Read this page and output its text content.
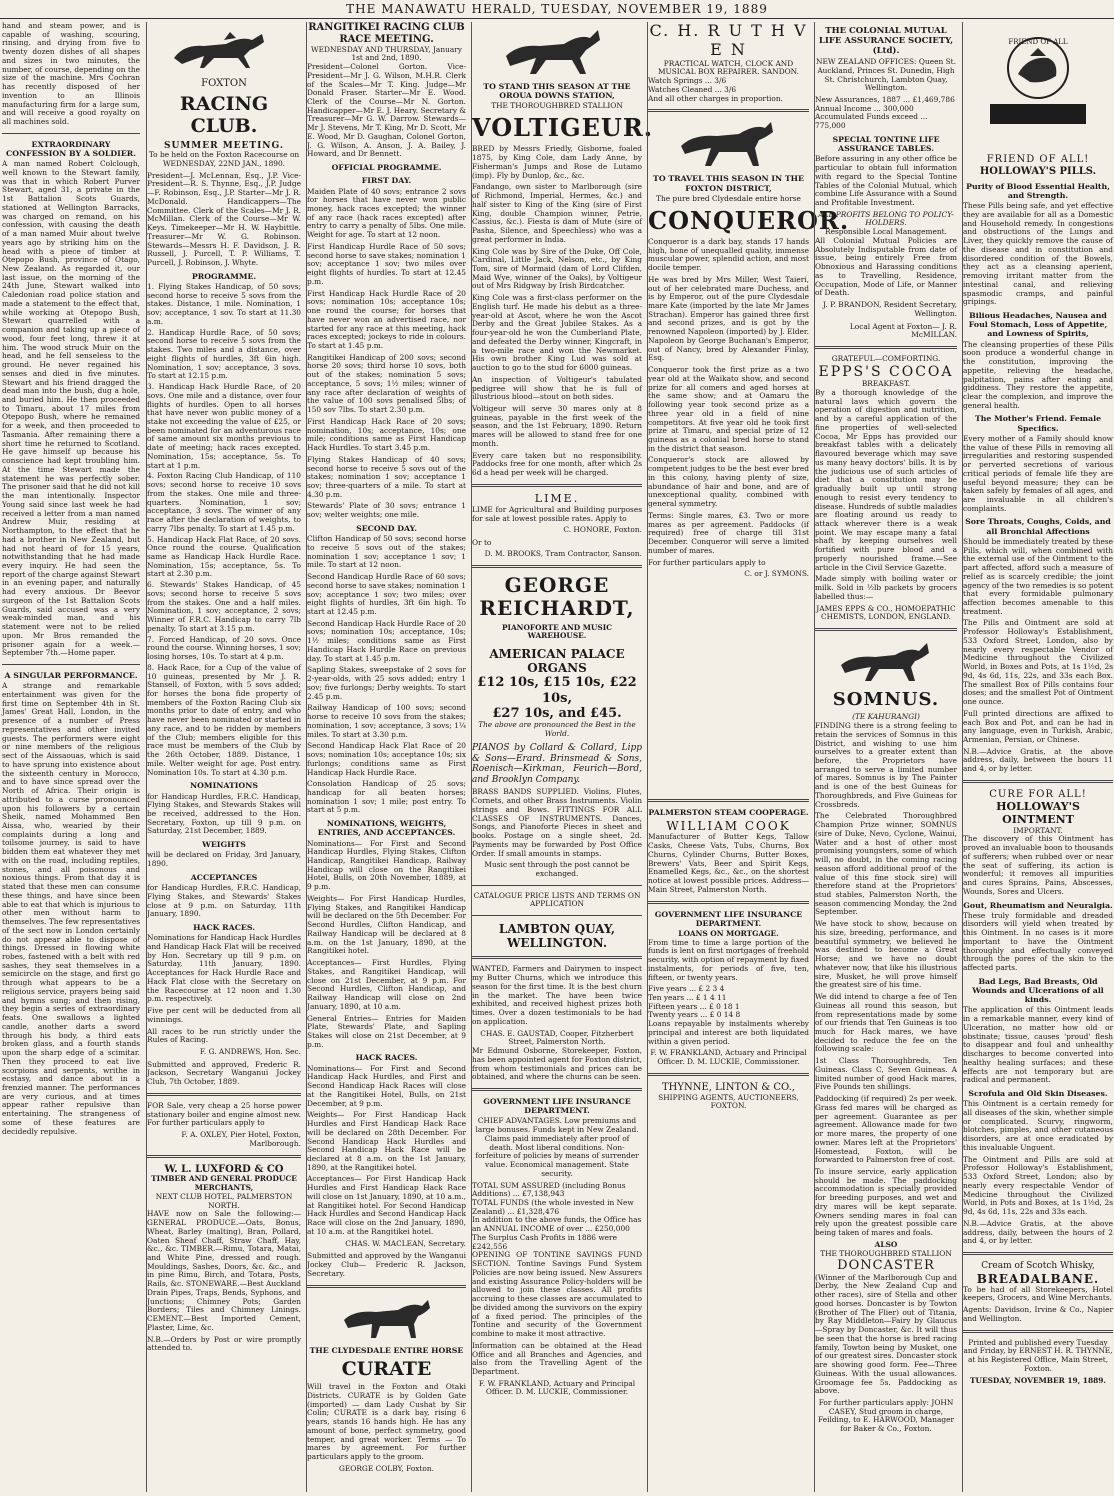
THE MANAWATU HERALD, TUESDAY, NOVEMBER 19, 1889

hand and steam power, and is capable of washing, scouring, rinsing, and drying from five to twenty dozen dishes of all shapes and sizes in two minutes, the number, of course, depending on the size of the machine. Mrs Cochran has recently disposed of her invention to an Illinois manufacturing firm for a large sum, and will receive a good royalty on all machines sold.

EXTRAORDINARY CONFESSION BY A SOLDIER.

A man named Robert Colclough, well known to the Stewart family, was that in which Robert Purver Stewart, aged 31, a private in the 1st Battalion Scots Guards, stationed at Wellington Barracks, was charged on remand, on his confession, with causing the death of a man named Muir about twelve years ago by striking him on the head with a piece of timber at Otepopo Bush, province of Otago, New Zealand. As regarded it, our last issue, on the morning of the 24th June, Stewart walked into Caledonian road police station and made a statement to the effect that, while working at Otepopo Bush, Stewart quarrelled with a companion and taking up a piece of wood, four feet long, threw it at him. The wood struck Muir on the head, and he fell senseless to the ground. He never regained his senses and died in five minutes. Stewart and his friend dragged the dead man into the bush, dug a hole, and buried him. He then proceeded to Timaru, about 17 miles from Otepopo Bush, where he remained for a week, and then proceeded to Tasmania. After remaining there a short time he returned to Scotland. He gave himself up because his conscience had kept troubling him. At the time Stewart made the statement he was perfectly sober. The prisoner said that he did not kill the man intentionally. Inspector Young said since last week he had received a letter from a man named Andrew Muir, residing at Northampton, to the effect that he had a brother in New Zealand, but had not heard of for 15 years, notwithstanding that he had made every inquiry. He had seen the report of the charge against Stewart in an evening paper, and naturally had every anxious. Dr Beevor surgeon of the 1st Battalion Scots Guards, said accused was a very weak-minded man, and his statement were not to be relied upon. Mr Bros remanded the prisoner again for a week.—September 7th.—Home paper.

A SINGULAR PERFORMANCE.

A strange and remarkable entertainment was given for the first time on September 4th in St. James' Great Hall, London, in the presence of a number of Press representatives and other invited guests. The performers were eight or nine members of the religious sect of the Aissaouas, which is said to have sprung into existence about the sixteenth century in Morocco, and to have since spread over the North of Africa. Their origin is attributed to a curse pronounced upon his followers by a certain Sheik, named Mohammed Ben Aissa, who, wearied by their complaints during a long and toilsome journey, is said to have bidden them eat whatever they met with on the road, including reptiles, stones, and all poisonous and noxious things. From that day it is stated that these men can consume these things, and have since been able to eat that which is injurious to other men without harm to themselves. The few representatives of the sect now in London certainly do not appear able to dispose of things. Dressed in flowing white robes, fastened with a belt with red sashes, they seat themselves in a semicircle on the stage, and first go through what appears to be a religious service, prayers being said and hymns sung; and then rising, they begin a series of extraordinary feats. One swallows a lighted candle, another darts a sword through his body, a third eats broken glass, and a fourth stands upon the sharp edge of a scimitar. Then they proceed to eat live scorpions and serpents, writhe in ecstasy, and dance about in a frenzied manner. The performances are very curious, and at times appear rather repulsive than entertaining. The strangeness of some of these features are decidedly repulsive.

FOXTON
RACING CLUB.
SUMMER MEETING.

To be held on the Foxton Racecourse on WEDNESDAY, 22ND JAN., 1890.

President—J. McLennan, Esq., J.P. Vice-President—R. S. Thynne, Esq., J.P. Judge—F. Robinson, Esq., J.P. Starter—Mr J. R. McDonald. Handicappers—The Committee. Clerk of the Scales—Mr J. R. McMillan. Clerk of the Course—Mr W. Keys. Timekeeper—Mr H. W. Haybittle. Treasurer—Mr W. G. Robinson. Stewards—Messrs H. F. Davidson, J. R. Russell, J. Purcell, T. P. Williams, T. Purcell, J. Robinson, J. Whyte.

PROGRAMME.
1. Flying Stakes Handicap, of 50 sovs; second horse to receive 5 sovs from the stakes. Distance, 1 mile. Nomination, 1 sov; acceptance, 1 sov. To start at 11.30 a.m.
2. Handicap Hurdle Race, of 50 sovs; second horse to receive 5 sovs from the stakes. Two miles and a distance, over eight flights of hurdles, 3ft 6in high. Nomination, 1 sov; acceptance, 3 sovs. To start at 12.15 p.m.
3. Handicap Hack Hurdle Race, of 20 sovs. One mile and a distance, over four flights of hurdles. Open to all horses that have never won public money of a stake not exceeding the value of £25, or been nominated for an adventurous race of same amount six months previous to date of meeting; hack races excepted. Nomination, 15s; acceptance, 5s. To start at 1 p.m.
4. Foxton Racing Club Handicap, of 110 sovs; second horse to receive 10 sovs from the stakes. One mile and three-quarters. Nomination, 1 sov; acceptance, 3 sovs. The winner of any race after the declaration of weights, to carry 7lbs penalty. To start at 1.45 p.m.
5. Handicap Hack Flat Race, of 20 sovs. Once round the course. Qualification same as Handicap Hack Hurdle Race. Nomination, 15s; acceptance, 5s. To start at 2.30 p.m.
6. Stewards' Stakes Handicap, of 45 sovs; second horse to receive 5 sovs from the stakes. One and a half miles. Nomination, 1 sov; acceptance, 2 sovs; Winner of F.R.C. Handicap to carry 7lb penalty. To start at 3.15 p.m.
7. Forced Handicap, of 20 sovs. Once round the course. Winning horses, 1 sov; losing horses, 10s. To start at 4 p.m.
8. Hack Race, for a Cup of the value of 10 guineas, presented by Mr J. R. Stansell, of Foxton, with 5 sovs added; for horses the bona fide property of members of the Foxton Racing Club six months prior to date of entry, and who have never been nominated or started in any race, and to be ridden by members of the Club; members eligible for this race must be members of the Club by the 26th October, 1889. Distance, 1 mile. Welter weight for age. Post entry. Nomination 10s. To start at 4.30 p.m.
NOMINATIONS

for Handicap Hurdles, F.R.C. Handicap, Flying Stakes, and Stewards Stakes will be received, addressed to the Hon. Secretary, Foxton, up till 9 p.m. on Saturday, 21st December, 1889.

WEIGHTS

will be declared on Friday, 3rd January, 1890.

ACCEPTANCES

for Handicap Hurdles, F.R.C. Handicap, Flying Stakes, and Stewards' Stakes close at 9 p.m. on Saturday, 11th January, 1890.

HACK RACES.

Nominations for Handicap Hack Hurdles and Handicap Hack Flat will be received by Hon. Secretary up till 9 p.m. on Saturday, 11th January, 1890. Acceptances for Hack Hurdle Race and Hack Flat close with the Secretary on the Racecourse at 12 noon and 1.30 p.m. respectively.

Five per cent will be deducted from all winnings.

All races to be run strictly under the Rules of Racing.

F. G. ANDREWS, Hon. Sec.

Submitted and approved, Frederic R. Jackson, Secretary Wanganui Jockey Club, 7th October, 1889.

FOR Sale, very cheap a 25 horse power stationary boiler and engine almost new. For further particulars apply to

F. A. OXLEY, Pier Hotel, Foxton, Marlborough.
W. L. LUXFORD & CO
TIMBER AND GENERAL PRODUCE MERCHANTS,
NEXT CLUB HOTEL, PALMERSTON NORTH.

HAVE now on Sale the following:— GENERAL PRODUCE.—Oats, Bonus, Wheat, Barley (malting), Bran, Pollard, Oaten Sheaf Chaff, Straw Chaff, Hay, &c., &c. TIMBER.—Rimu, Totara, Matai, and White Pine, dressed and rough. Mouldings, Sashes, Doors, &c. &c., and in pine Rimu, Birch, and Totara, Posts, Rails, &c. STONEWARE.—Best Auckland Drain Pipes, Traps, Bends, Syphons, and Junctions; Chimney Pots; Garden Borders; Tiles and Chimney Linings. CEMENT.—Best Imported Cement, Plaster, Lime, &c.

N.B.—Orders by Post or wire promptly attended to.

RANGITIKEI RACING CLUB RACE MEETING.
WEDNESDAY AND THURSDAY, January 1st and 2nd, 1890.

President—Colonel Gorton. Vice-President—Mr J. G. Wilson, M.H.R. Clerk of the Scales—Mr T. King. Judge—Mr Donald Fraser. Starter—Mr E. Wood. Clerk of the Course—Mr N. Gorton. Handicapper—Mr E. J. Heary. Secretary & Treasurer—Mr G. W. Darrow. Stewards—Mr J. Stevens, Mr T. King, Mr D. Scott, Mr E. Wood, Mr D. Gaughan, Colonel Gorton, J. G. Wilson, A. Anson, J. A. Bailey, J. Howard, and Dr Bennett.

OFFICIAL PROGRAMME.
FIRST DAY.

Maiden Plate of 40 sovs; entrance 2 sovs for horses that have never won public money, hack races excepted; the winner of any race (hack races excepted) after entry to carry a penalty of 5lbs. One mile. Weight for age. To start at 12 noon.

First Handicap Hurdle Race of 50 sovs; second horse to save stakes; nomination 1 sov; acceptance 1 sov; two miles over eight flights of hurdles. To start at 12.45 p.m.

First Handicap Hack Hurdle Race of 20 sovs; nomination 10s; acceptance 10s; one round the course; for horses that have never won an advertised race, nor started for any race at this meeting, hack races excepted; jockeys to ride in colours. To start at 1.45 p.m.

Rangitikei Handicap of 200 sovs; second horse 20 sovs; third horse 10 sovs, both out of the stakes; nomination 5 sovs; acceptance, 5 sovs; 1½ miles; winner of any race after declaration of weights of the value of 100 sovs penalised 5lbs; of 150 sov 7lbs. To start 2.30 p.m.

First Handicap Hack Race of 20 sovs; nomination, 10s; acceptance, 10s; one mile; conditions same as First Handicap Hack Hurdles. To start 3.45 p.m.

Flying Stakes Handicap of 40 sovs; second horse to receive 5 sovs out of the stakes; nomination 1 sov; acceptance 1 sov; three-quarters of a mile. To start at 4.30 p.m.

Stewards' Plate of 30 sovs; entrance 1 sov; welter weights; one mile.

SECOND DAY.

Clifton Handicap of 50 sovs; second horse to receive 5 sovs out of the stakes; nomination 1 sov; acceptance 1 sov; 1 mile. To start at 12 noon.

Second Handicap Hurdle Race of 60 sovs; second horse to save stakes; nomination 1 sov; acceptance 1 sov; two miles; over eight flights of hurdles, 3ft 6in high. To start at 12.45 p.m.

Second Handicap Hack Hurdle Race of 20 sovs; nomination 10s; acceptance, 10s; 1½ miles; conditions same as First Handicap Hack Hurdle Race on previous day. To start at 1.45 p.m.

Sapling Stakes, sweepstake of 2 sovs for 2-year-olds, with 25 sovs added; entry 1 sov; five furlongs; Derby weights. To start 2.45 p.m.

Railway Handicap of 100 sovs; second horse to receive 10 sovs from the stakes; nomination, 1 sov; acceptance, 3 sovs; 1¼ miles. To start at 3.30 p.m.

Second Handicap Hack Flat Race of 20 sovs; nomination 10s; acceptance 10s; six furlongs; conditions same as First Handicap Hack Hurdle Race.

Consolation Handicap of 25 sovs; handicap for all beaten horses; nomination 1 sov; 1 mile; post entry. To start at 5 p.m.

NOMINATIONS, WEIGHTS, ENTRIES, AND ACCEPTANCES.

Nominations— For First and Second Handicap Hurdles, Flying Stakes, Clifton Handicap, Rangitikei Handicap, Railway Handicap will close on the Rangitikei Hotel, Bulls, on 20th November, 1889, at 9 p.m.

Weights— For First Handicap Hurdles, Flying Stakes, and Rangitikei Handicap will be declared on the 5th December. For Second Hurdles, Clifton Handicap, and Railway Handicap will be declared at 8 a.m. on the 1st January, 1890, at the Rangitikei hotel.

Acceptances— First Hurdles, Flying Stakes, and Rangitikei Handicap, will close on 21st December, at 9 p.m. For Second Hurdles, Clifton Handicap, and Railway Handicap will close on 2nd January, 1890, at 10 a.m.

General Entries— Entries for Maiden Plate, Stewards' Plate, and Sapling Stakes will close on 21st December, at 9 p.m.

HACK RACES.

Nominations— For First and Second Handicap Hack Hurdles, and First and Second Handicap Hack Races will close at the Rangitikei Hotel, Bulls, on 21st December, at 9 p.m.

Weights— For First Handicap Hack Hurdles and First Handicap Hack Race will be declared on 28th December. For Second Handicap Hack Hurdles and Second Handicap Hack Race will be declared at 8 a.m. on the 1st January, 1890, at the Rangitikei hotel.

Acceptances— For First Handicap Hack Hurdles and First Handicap Hack Race will close on 1st January, 1890, at 10 a.m., at Rangitikei hotel. For Second Handicap Hack Hurdles and Second Handicap Hack Race will close on the 2nd January, 1890, at 10 a.m. at the Rangitikei hotel.

CHAS. W. MACLEAN, Secretary.

Submitted and approved by the Wanganui Jockey Club— Frederic R. Jackson, Secretary.

THE CLYDESDALE ENTIRE HORSE
CURATE

Will travel in the Foxton and Otaki Districts. CURATE is by Golden Gate (imported) — dam Lady Cushat by Sir Colin; CURATE is a dark bay, rising 6 years, stands 16 hands high. He has any amount of bone, perfect symmetry, good temper, and great worker. Terms — To mares by agreement. For further particulars apply to the groom.

GEORGE COLBY, Foxton.
TO STAND THIS SEASON AT THE OROUA DOWNS STATION,
THE THOROUGHBRED STALLION
VOLTIGEUR.

BRED by Messrs Friedly, Gisborne, foaled 1875, by King Cole, dam Lady Anne, by Fisherman's Jumps and Rose de Lutamo (imp). Fly by Dunlop, &c., &c.

Fandango, own sister to Marlborough (sire of Richmond, Imperial, Hermes, &c.) and half sister to King of the King (sire of First King, double Champion winner, Petrie, Cassius, &c.). Fiesta is dam of Mute (sire of Pasha, Silence, and Speechless) who was a great performer in India.

King Cole was by Sire of the Duke, Off Cole, Cardinal, Little Jack, Nelson, etc., by King Tom, sire of Mormaid (dam of Lord Clifden, Maid Wye, winner of the Oaks), by Voltigeur out of Mrs Ridgway by Irish Birdcatcher.

King Cole was a first-class performer on the English turf. He made his debut as a three-year-old at Ascot, where he won the Ascot Derby and the Great Jubilee Stakes. As a four-year-old he won the Cumberland Plate, and defeated the Derby winner, Kingcraft, in a two-mile race and won the Newmarket. His own brother King Lud was sold at auction to go to the stud for 6000 guineas.

An inspection of Voltigeur's tabulated pedigree will show that he is full of illustrious blood—stout on both sides.

Voltigeur will serve 30 mares only at 8 guineas, payable in the first week of the season, and the 1st February, 1890. Return mares will be allowed to stand free for one month.

Every care taken but no responsibility. Paddocks free for one month, after which 2s 6d a head per week will be charged.

LIME.

LIME for Agricultural and Building purposes for sale at lowest possible rates. Apply to

C. HONORE, Foxton.
Or to
D. M. BROOKS, Tram Contractor, Sanson.
GEORGE REICHARDT,
PIANOFORTE AND MUSIC WAREHOUSE.
AMERICAN PALACE ORGANS
£12 10s, £15 10s, £22 10s,
£27 10s, and £45.
The above are pronounced the Best in the World.

PIANOS by Collard & Collard, Lipp & Sons—Erard. Brinsmead & Sons, Roenisch—Kirkman, Feurich—Bord, and Brooklyn Company.

BRASS BANDS SUPPLIED. Violins, Flutes, Cornets, and other Brass Instruments. Violin strings and Bows. FITTINGS FOR ALL CLASSES OF INSTRUMENTS. Dances, Songs, and Pianoforte Pieces in sheet and books. Postage on a single sheet, 2d. Payments may be forwarded by Post Office Order. If small amounts in stamps.

Music sent through the post cannot be exchanged.
CATALOGUE PRICE LISTS AND TERMS ON APPLICATION
LAMBTON QUAY, WELLINGTON.

WANTED, Farmers and Dairymen to inspect my Butter Churns, which we introduce this season for the first time. It is the best churn in the market. The have been twice exhibited, and received highest prizes both times. Over a dozen testimonials to be had on application.

CHAS. E. GAUSTAD, Cooper, Fitzherbert Street, Palmerston North.

Mr Edmund Osborne, Storekeeper, Foxton, has been appointed agent for Foxton district, from whom testimonials and prices can be obtained, and where the churns can be seen.

GOVERNMENT LIFE INSURANCE DEPARTMENT.

CHIEF ADVANTAGES. Low premiums and large bonuses. Funds kept in New Zealand. Claims paid immediately after proof of death. Most liberal conditions. Non-forfeiture of policies by means of surrender value. Economical management. State security.

TOTAL SUM ASSURED (including Bonus Additions) ... £7,138,943
TOTAL FUNDS (the whole invested in New Zealand) ... £1,328,476
In addition to the above funds, the Office has an ANNUAL INCOME of over ... £250,000
The Surplus Cash Profits in 1886 were £242,556

OPENING OF TONTINE SAVINGS FUND SECTION. Tontine Savings Fund System Policies are now being issued. New Assurers and existing Assurance Policy-holders will be allowed to join these classes. All profits accruing to these classes are accumulated to be divided among the survivors on the expiry of a fixed period. The principles of the Tontine and security of the Government combine to make it most attractive.

Information can be obtained at the Head Office and all Branches and Agencies, and also from the Travelling Agent of the Department.

F. W. FRANKLAND, Actuary and Principal Officer. D. M. LUCKIE, Commissioner.
C. H. R U T H V E N
PRACTICAL WATCH, CLOCK AND MUSICAL BOX REPAIRER. SANDON.
Watch Springs ... 3/6
Watches Cleaned ... 3/6
And all other charges in proportion.
TO TRAVEL THIS SEASON IN THE FOXTON DISTRICT,
The pure bred Clydesdale entire horse
CONQUEROR.

Conqueror is a dark bay, stands 17 hands high, bone of unequalled quality, immense muscular power, splendid action, and most docile temper.

He was bred by Mrs Miller, West Taieri, out of her celebrated mare Duchess, and is by Emperor, out of the pure Clydesdale mare Kate (imported by the late Mr James Strachan). Emperor has gained three first and second prizes, and is got by the renowned Napoleon (imported) by J. Elder. Napoleon by George Buchanan's Emperor, out of Nancy, bred by Alexander Finlay, Esq.

Conqueror took the first prize as a two year old at the Waikato show, and second prize for all comers and aged horses at the same show; and at Oamaru the following year took second prize as a three year old in a field of nine competitors. At five year old he took first prize at Timaru, and special prize of 12 guineas as a colonial bred horse to stand in the district that season.

Conqueror's stock are allowed by competent judges to be the best ever bred in this colony, having plenty of size, abundance of hair and bone, and are of unexceptional quality, combined with general symmetry.

Terms: Single mares, £3. Two or more mares as per agreement. Paddocks (if required) free of charge till 31st December. Conqueror will serve a limited number of mares.

For further particulars apply to

C. or J. SYMONS.
PALMERSTON STEAM COOPERAGE.
WILLIAM COOK

Manufacturer of Butter Kegs, Tallow Casks, Cheese Vats, Tubs, Churns, Box Churns, Cylinder Churns, Butter Boxes, Brewers' Vats, Beer and Spirit Kegs, Enamelled Kegs, &c., &c., on the shortest notice at lowest possible prices. Address—Main Street, Palmerston North.

GOVERNMENT LIFE INSURANCE DEPARTMENT.
LOANS ON MORTGAGE.

From time to time a large portion of the funds is lent on first mortgages of freehold security, with option of repayment by fixed instalments, for periods of five, ten, fifteen, or twenty years.

Five years ... £ 2 3 4
Ten years ... £ 1 4 11
Fifteen years ... £ 0 18 1
Twenty years ... £ 0 14 8

Loans repayable by instalments whereby principal and interest are both liquidated within a given period.

F. W. FRANKLAND, Actuary and Principal Officer. D. M. LUCKIE, Commissioner.
THYNNE, LINTON & CO.,
SHIPPING AGENTS, AUCTIONEERS, FOXTON.
THE COLONIAL MUTUAL LIFE ASSURANCE SOCIETY, (Ltd).

NEW ZEALAND OFFICES: Queen St. Auckland, Princes St. Dunedin, High St. Christchurch, Lambton Quay, Wellington.

New Assurances, 1887 ... £1,469,786
Annual Income ... 300,000
Accumulated Funds exceed ... 775,000
SPECIAL TONTINE LIFE ASSURANCE TABLES.

Before assuring in any other office be particular to obtain full information with regard to the Special Tontine Tables of the Colonial Mutual, which combine Life Assurance with a Sound and Profitable Investment.

ALL PROFITS BELONG TO POLICY-HOLDERS.
Responsible Local Management.

All Colonial Mutual Policies are Absolutely Indisputable from date of issue, being entirely Free from Obnoxious and Harassing conditions as to Travelling, Residence, Occupation, Mode of Life, or Manner of Death.

J. P. BRANDON, Resident Secretary, Wellington.
Local Agent at Foxton— J. R. McMILLAN.
GRATEFUL—COMFORTING.
EPPS'S COCOA
BREAKFAST.

By a thorough knowledge of the natural laws which govern the operation of digestion and nutrition, and by a careful application of the fine properties of well-selected Cocoa, Mr Epps has provided our breakfast tables with a delicately flavoured beverage which may save us many heavy doctors' bills. It is by the judicious use of such articles of diet that a constitution may be gradually built up until strong enough to resist every tendency to disease. Hundreds of subtle maladies are floating around us ready to attack wherever there is a weak point. We may escape many a fatal shaft by keeping ourselves well fortified with pure blood and a properly nourished frame.—See article in the Civil Service Gazette.

Made simply with boiling water or milk. Sold in ½lb packets by grocers labelled thus:—

JAMES EPPS & CO., HOMOEPATHIC CHEMISTS, LONDON, ENGLAND.
SOMNUS.
(TE KAHURANGI)

FINDING there is a strong feeling to retain the services of Somnus in this District, and wishing to use him ourselves to a greater extent than before, the Proprietors have arranged to serve a limited number of mares. Somnus is by The Painter and is one of the best Guineas for Thoroughbreds, and Five Guineas for Crossbreds.

The Celebrated Thoroughbred Champion Prize winner, SOMNUS (sire of Duke, Nevo, Cyclone, Wainui, Water and a host of other most promising youngsters, some of which will, no doubt, in the coming racing season afford additional proof of the value of this fine stock sire) will therefore stand at the Proprietors' stud stables, Palmerston North, the season commencing Monday, the 2nd September.

We have stock to show, because on his size, breeding, performance, and beautiful symmetry, we believed he was destined to become a Great Horse; and we have no doubt whatever now, that like his illustrious sire, Musket, he will prove himself the greatest sire of his time.

We did intend to charge a fee of Ten Guineas all round this season, but from representations made by some of our friends that Ten Guineas is too much for Hack mares, we have decided to reduce the fee on the following scale:

1st Class Thoroughbreds, Ten Guineas. Class C, Seven Guineas. A limited number of good Hack mares, Five Pounds ten shillings.

Paddocking (if required) 2s per week. Grass fed mares will be charged as per agreement. Guarantee as per agreement. Allowance made for two or more mares, the property of one owner. Mares left at the Proprietors' Homestead, Foxton, will be forwarded to Palmerston free of cost.

To insure service, early application should be made. The paddocking accommodation is specially provided for breeding purposes, and wet and dry mares will be kept separate. Owners sending mares in foal can rely upon the greatest possible care being taken of mares and foals.

ALSO
THE THOROUGHBRED STALLION
DONCASTER

(Winner of the Marlborough Cup and Derby, the New Zealand Cup and other races), sire of Stella and other good horses. Doncaster is by Towton (Brother of The Flier) out of Titania, by Ray Middleton—Fairy by Glaucus—Spray by Doncaster, &c. It will thus be seen that the horse is bred racing family, Towton being by Musket, one of our greatest sires. Doncaster stock are showing good form. Fee—Three Guineas. With the usual allowances. Groomage fee 5s. Paddocking as above.

For further particulars apply: JOHN CASEY, Stud groom in charge, Feilding, to E. HARWOOD, Manager for Baker & Co., Foxton.
FRIEND OF ALL
HOLLOWAY'S PILLS
FRIEND OF ALL!
HOLLOWAY'S PILLS.
Purity of Blood Essential Health, and Strength.

These Pills being safe, and yet effective they are available for all as a Domestic and Household remedy. In congestions and obstructions of the Lungs and Liver, they quickly remove the cause of the disease and in constitution and disordered condition of the Bowels, they act as a cleansing aperient, removing irritant matter from the intestinal canal, and relieving spasmodic cramps, and painful gripings.

Bilious Headaches, Nausea and Foul Stomach, Loss of Appetite, and Lowness of Spirits,

The cleansing properties of these Pills soon produce a wonderful change in the constitution, improving the appetite, relieving the headache, palpitation, pains after eating and giddiness. They restore the appetite, clear the complexion, and improve the general health.

The Mother's Friend. Female Specifics.

Every mother of a Family should know the value of these Pills in removing all irregularities and restoring suspended or perverted secretions of various critical periods of female life they are useful beyond measure; they can be taken safely by females of all ages, and are invaluable in all children's complaints.

Sore Throats, Coughs, Colds, and all Bronchial Affections

Should be immediately treated by these Pills, which will, when combined with the external use of the Ointment to the part affected, afford such a measure of relief as is scarcely credible; the joint agency of the two remedies is so potent that every formidable pulmonary affection becomes amenable to this treatment.

The Pills and Ointment are sold at Professor Holloway's Establishment, 533 Oxford Street, London, also by nearly every respectable Vendor of Medicine throughout the Civilized World, in Boxes and Pots, at 1s 1½d, 2s 9d, 4s 6d, 11s, 22s, and 33s each Box. The smallest Box of Pills contains four doses; and the smallest Pot of Ointment one ounce.

Full printed directions are affixed to each Box and Pot, and can be had in any language, even in Turkish, Arabic, Armenian, Persian, or Chinese.

N.B.—Advice Gratis, at the above address, daily, between the hours 11 and 4, or by letter.

CURE FOR ALL!
HOLLOWAY'S OINTMENT
IMPORTANT.

The discovery of this Ointment has proved an invaluable boon to thousands of sufferers; when rubbed over or near the seat of suffering, its action is wonderful; it removes all impurities and cures Sprains, Pains, Abscesses, Wounds, Sores and Ulcers.

Gout, Rheumatism and Neuralgia.

These truly formidable and dreaded disorders will yield when treated by this Ointment. In no cases is it more important to have the Ointment thoroughly and effectually conveyed through the pores of the skin to the affected parts.

Bad Legs, Bad Breasts, Old Wounds and Ulcerations of all kinds.

The application of this Ointment leads in a remarkable manner, every kind of Ulceration, no matter how old or obstinate; tissue, causes 'proud' flesh to disappear and foul and unhealthy discharges to become converted into healthy healing surfaces; and these effects are not temporary but are radical and permanent.

Scrofula and Old Skin Diseases.

This Ointment is a certain remedy for all diseases of the skin, whether simple or complicated. Scurvy, ringworm, blotches, pimples, and other cutaneous disorders, are at once eradicated by this invaluable Unguent.

The Ointment and Pills are sold at Professor Holloway's Establishment, 533 Oxford Street, London; also by nearly every respectable Vendor of Medicine throughout the Civilized World, in Pots and Boxes, at 1s 1½d, 2s 9d, 4s 6d, 11s, 22s and 33s each.

N.B.—Advice Gratis, at the above address, daily, between the hours of 2 and 4, or by letter.

Cream of Scotch Whisky,
BREADALBANE.

To be had of all Storekeepers, Hotel keepers, Grocers, and Wine Merchants.

Agents: Davidson, Irvine & Co., Napier and Wellington.

Printed and published every Tuesday and Friday, by ERNEST H. R. THYNNE, at his Registered Office, Main Street, Foxton.

TUESDAY, NOVEMBER 19, 1889.
